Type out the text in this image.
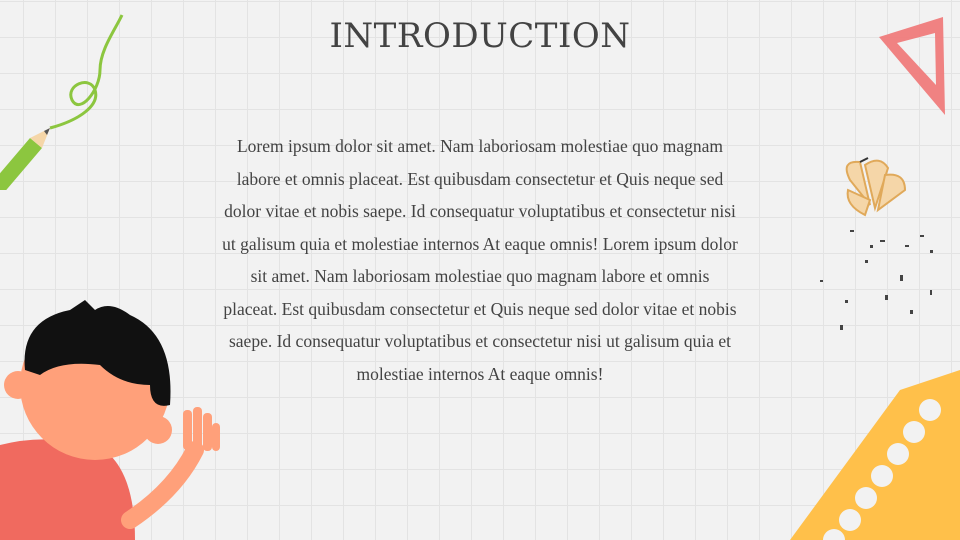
INTRODUCTION
Lorem ipsum dolor sit amet. Nam laboriosam molestiae quo magnam
labore et omnis placeat. Est quibusdam consectetur et Quis neque sed
dolor vitae et nobis saepe. Id consequatur voluptatibus et consectetur nisi
ut galisum quia et molestiae internos At eaque omnis! Lorem ipsum dolor
sit amet. Nam laboriosam molestiae quo magnam labore et omnis
placeat. Est quibusdam consectetur et Quis neque sed dolor vitae et nobis
saepe. Id consequatur voluptatibus et consectetur nisi ut galisum quia et
molestiae internos At eaque omnis!
